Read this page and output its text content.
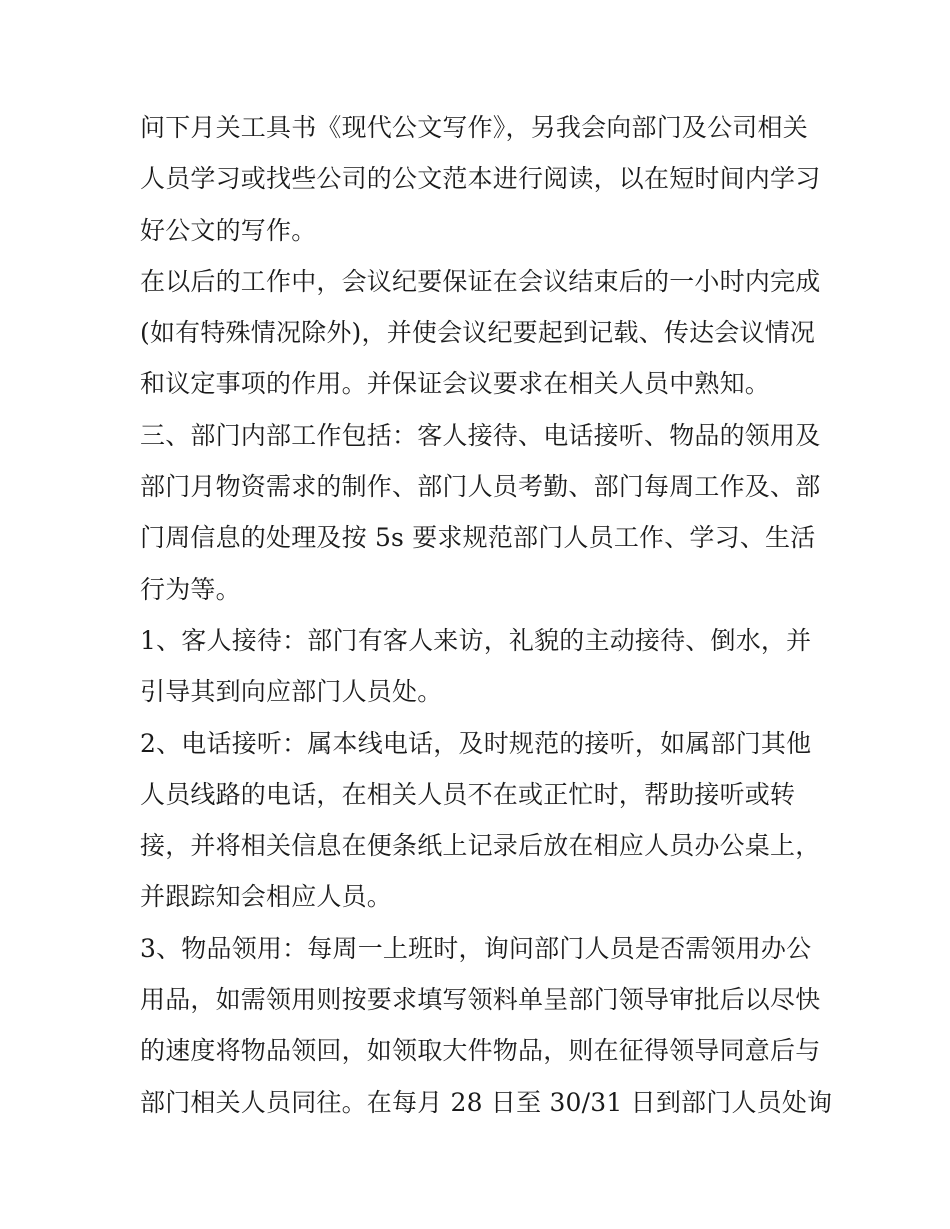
问下月关工具书《现代公文写作》，另我会向部门及公司相关
人员学习或找些公司的公文范本进行阅读，以在短时间内学习
好公文的写作。
在以后的工作中，会议纪要保证在会议结束后的一小时内完成
(如有特殊情况除外)，并使会议纪要起到记载、传达会议情况
和议定事项的作用。并保证会议要求在相关人员中熟知。
三、部门内部工作包括：客人接待、电话接听、物品的领用及
部门月物资需求的制作、部门人员考勤、部门每周工作及、部
门周信息的处理及按 5s 要求规范部门人员工作、学习、生活
行为等。
1、客人接待：部门有客人来访，礼貌的主动接待、倒水，并
引导其到向应部门人员处。
2、电话接听：属本线电话，及时规范的接听，如属部门其他
人员线路的电话，在相关人员不在或正忙时，帮助接听或转
接，并将相关信息在便条纸上记录后放在相应人员办公桌上，
并跟踪知会相应人员。
3、物品领用：每周一上班时，询问部门人员是否需领用办公
用品，如需领用则按要求填写领料单呈部门领导审批后以尽快
的速度将物品领回，如领取大件物品，则在征得领导同意后与
部门相关人员同往。在每月 28 日至 30/31 日到部门人员处询
